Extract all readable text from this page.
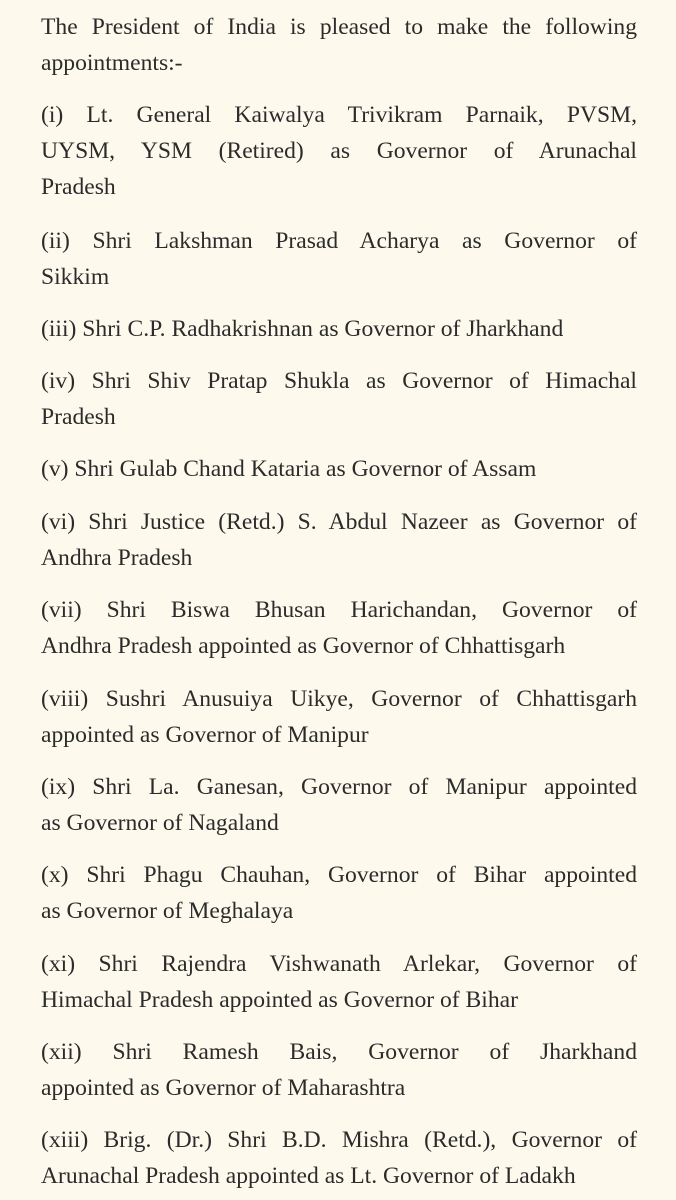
The President of India is pleased to make the following
appointments:-
(i) Lt. General Kaiwalya Trivikram Parnaik, PVSM,
UYSM, YSM (Retired) as Governor of Arunachal
Pradesh
(ii) Shri Lakshman Prasad Acharya as Governor of
Sikkim
(iii) Shri C.P. Radhakrishnan as Governor of Jharkhand
(iv) Shri Shiv Pratap Shukla as Governor of Himachal
Pradesh
(v) Shri Gulab Chand Kataria as Governor of Assam
(vi) Shri Justice (Retd.) S. Abdul Nazeer as Governor of
Andhra Pradesh
(vii) Shri Biswa Bhusan Harichandan, Governor of
Andhra Pradesh appointed as Governor of Chhattisgarh
(viii) Sushri Anusuiya Uikye, Governor of Chhattisgarh
appointed as Governor of Manipur
(ix) Shri La. Ganesan, Governor of Manipur appointed
as Governor of Nagaland
(x) Shri Phagu Chauhan, Governor of Bihar appointed
as Governor of Meghalaya
(xi) Shri Rajendra Vishwanath Arlekar, Governor of
Himachal Pradesh appointed as Governor of Bihar
(xii) Shri Ramesh Bais, Governor of Jharkhand
appointed as Governor of Maharashtra
(xiii) Brig. (Dr.) Shri B.D. Mishra (Retd.), Governor of
Arunachal Pradesh appointed as Lt. Governor of Ladakh
